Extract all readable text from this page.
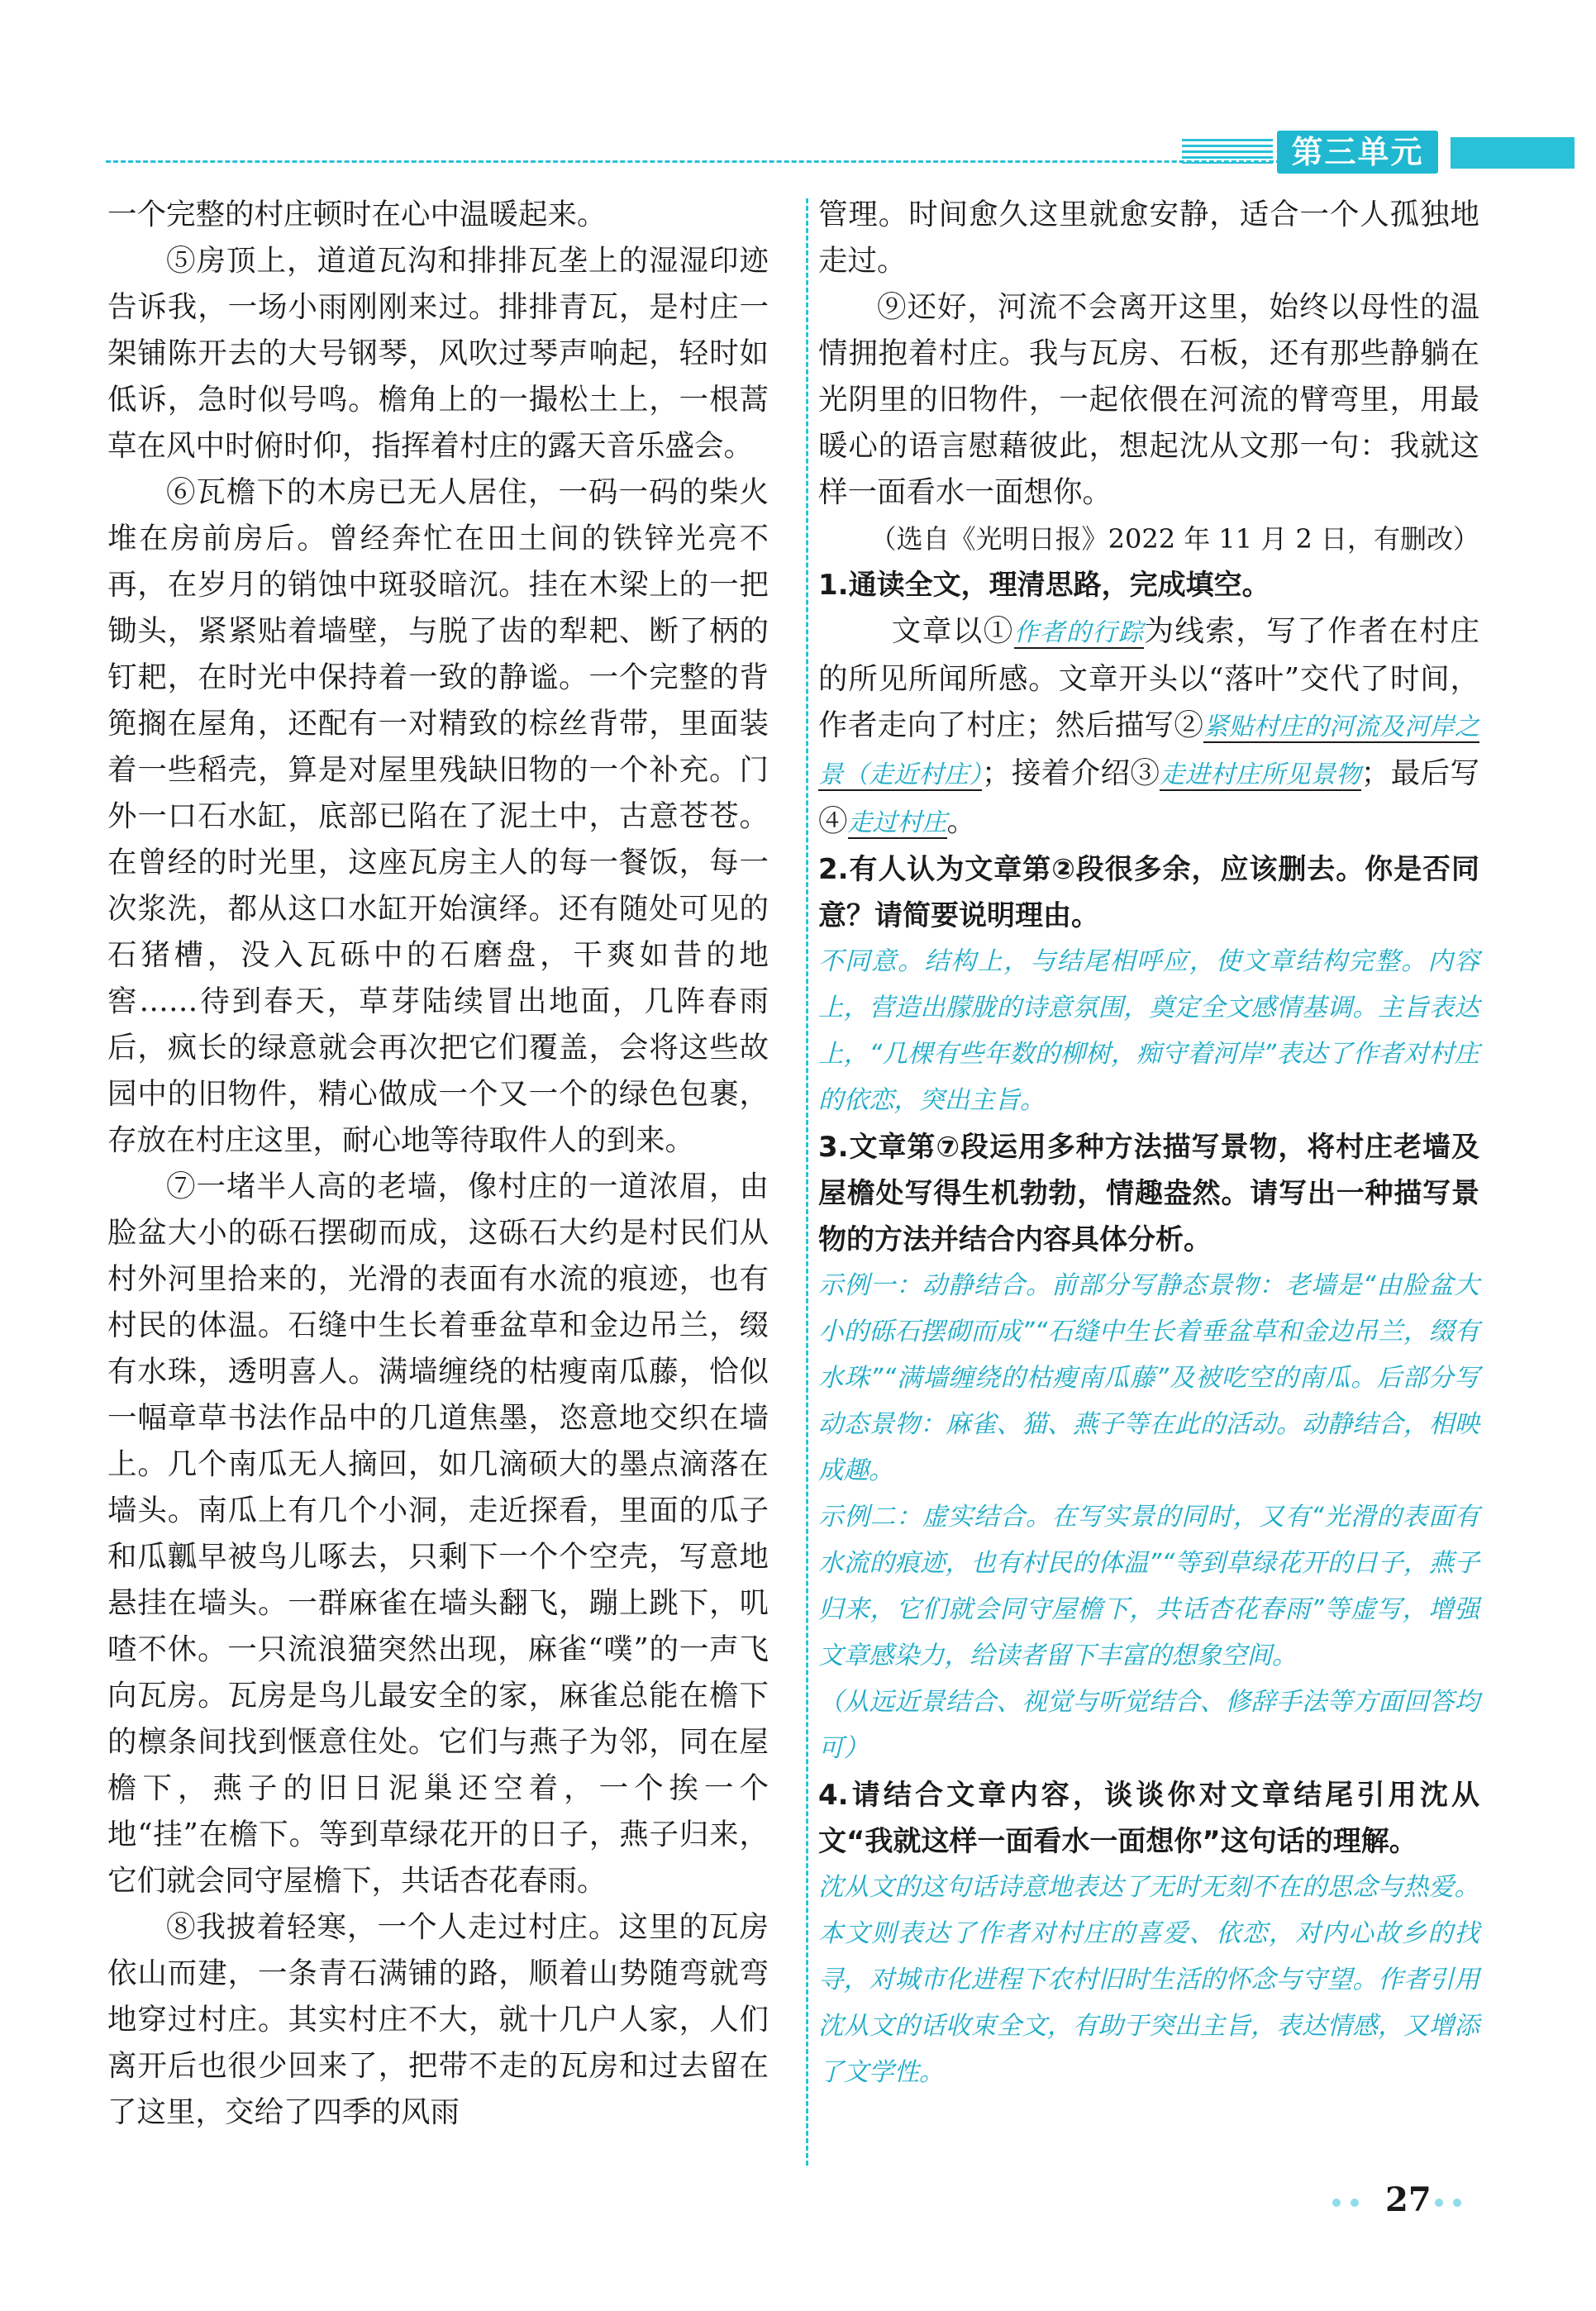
第三单元

一个完整的村庄顿时在心中温暖起来。

⑤房顶上，道道瓦沟和排排瓦垄上的湿湿印迹告诉我，一场小雨刚刚来过。排排青瓦，是村庄一架铺陈开去的大号钢琴，风吹过琴声响起，轻时如低诉，急时似号鸣。檐角上的一撮松土上，一根蒿草在风中时俯时仰，指挥着村庄的露天音乐盛会。

⑥瓦檐下的木房已无人居住，一码一码的柴火堆在房前房后。曾经奔忙在田土间的铁锌光亮不再，在岁月的销蚀中斑驳暗沉。挂在木梁上的一把锄头，紧紧贴着墙壁，与脱了齿的犁耙、断了柄的钉耙，在时光中保持着一致的静谧。一个完整的背篼搁在屋角，还配有一对精致的棕丝背带，里面装着一些稻壳，算是对屋里残缺旧物的一个补充。门外一口石水缸，底部已陷在了泥土中，古意苍苍。在曾经的时光里，这座瓦房主人的每一餐饭，每一次浆洗，都从这口水缸开始演绎。还有随处可见的石猪槽，没入瓦砾中的石磨盘，干爽如昔的地窖……待到春天，草芽陆续冒出地面，几阵春雨后，疯长的绿意就会再次把它们覆盖，会将这些故园中的旧物件，精心做成一个又一个的绿色包裹，存放在村庄这里，耐心地等待取件人的到来。

⑦一堵半人高的老墙，像村庄的一道浓眉，由脸盆大小的砾石摆砌而成，这砾石大约是村民们从村外河里拾来的，光滑的表面有水流的痕迹，也有村民的体温。石缝中生长着垂盆草和金边吊兰，缀有水珠，透明喜人。满墙缠绕的枯瘦南瓜藤，恰似一幅章草书法作品中的几道焦墨，恣意地交织在墙上。几个南瓜无人摘回，如几滴硕大的墨点滴落在墙头。南瓜上有几个小洞，走近探看，里面的瓜子和瓜瓤早被鸟儿啄去，只剩下一个个空壳，写意地悬挂在墙头。一群麻雀在墙头翻飞，蹦上跳下，叽喳不休。一只流浪猫突然出现，麻雀“噗”的一声飞向瓦房。瓦房是鸟儿最安全的家，麻雀总能在檐下的檩条间找到惬意住处。它们与燕子为邻，同在屋檐下，燕子的旧日泥巢还空着，一个挨一个地“挂”在檐下。等到草绿花开的日子，燕子归来，它们就会同守屋檐下，共话杏花春雨。

⑧我披着轻寒，一个人走过村庄。这里的瓦房依山而建，一条青石满铺的路，顺着山势随弯就弯地穿过村庄。其实村庄不大，就十几户人家，人们离开后也很少回来了，把带不走的瓦房和过去留在了这里，交给了四季的风雨

管理。时间愈久这里就愈安静，适合一个人孤独地走过。

⑨还好，河流不会离开这里，始终以母性的温情拥抱着村庄。我与瓦房、石板，还有那些静躺在光阴里的旧物件，一起依偎在河流的臂弯里，用最暖心的语言慰藉彼此，想起沈从文那一句：我就这样一面看水一面想你。

（选自《光明日报》2022 年 11 月 2 日，有删改）

1.通读全文，理清思路，完成填空。

文章以①作者的行踪为线索，写了作者在村庄的所见所闻所感。文章开头以“落叶”交代了时间，作者走向了村庄；然后描写②紧贴村庄的河流及河岸之景（走近村庄）；接着介绍③走进村庄所见景物；最后写④走过村庄。

2.有人认为文章第②段很多余，应该删去。你是否同意？请简要说明理由。

不同意。结构上，与结尾相呼应，使文章结构完整。内容上，营造出朦胧的诗意氛围，奠定全文感情基调。主旨表达上，“几棵有些年数的柳树，痴守着河岸”表达了作者对村庄的依恋，突出主旨。

3.文章第⑦段运用多种方法描写景物，将村庄老墙及屋檐处写得生机勃勃，情趣盎然。请写出一种描写景物的方法并结合内容具体分析。

示例一：动静结合。前部分写静态景物：老墙是“由脸盆大小的砾石摆砌而成”“石缝中生长着垂盆草和金边吊兰，缀有水珠”“满墙缠绕的枯瘦南瓜藤”及被吃空的南瓜。后部分写动态景物：麻雀、猫、燕子等在此的活动。动静结合，相映成趣。

示例二：虚实结合。在写实景的同时，又有“光滑的表面有水流的痕迹，也有村民的体温”“等到草绿花开的日子，燕子归来，它们就会同守屋檐下，共话杏花春雨”等虚写，增强文章感染力，给读者留下丰富的想象空间。

（从远近景结合、视觉与听觉结合、修辞手法等方面回答均可）

4.请结合文章内容，谈谈你对文章结尾引用沈从文“我就这样一面看水一面想你”这句话的理解。

沈从文的这句话诗意地表达了无时无刻不在的思念与热爱。本文则表达了作者对村庄的喜爱、依恋，对内心故乡的找寻，对城市化进程下农村旧时生活的怀念与守望。作者引用沈从文的话收束全文，有助于突出主旨，表达情感，又增添了文学性。

27
